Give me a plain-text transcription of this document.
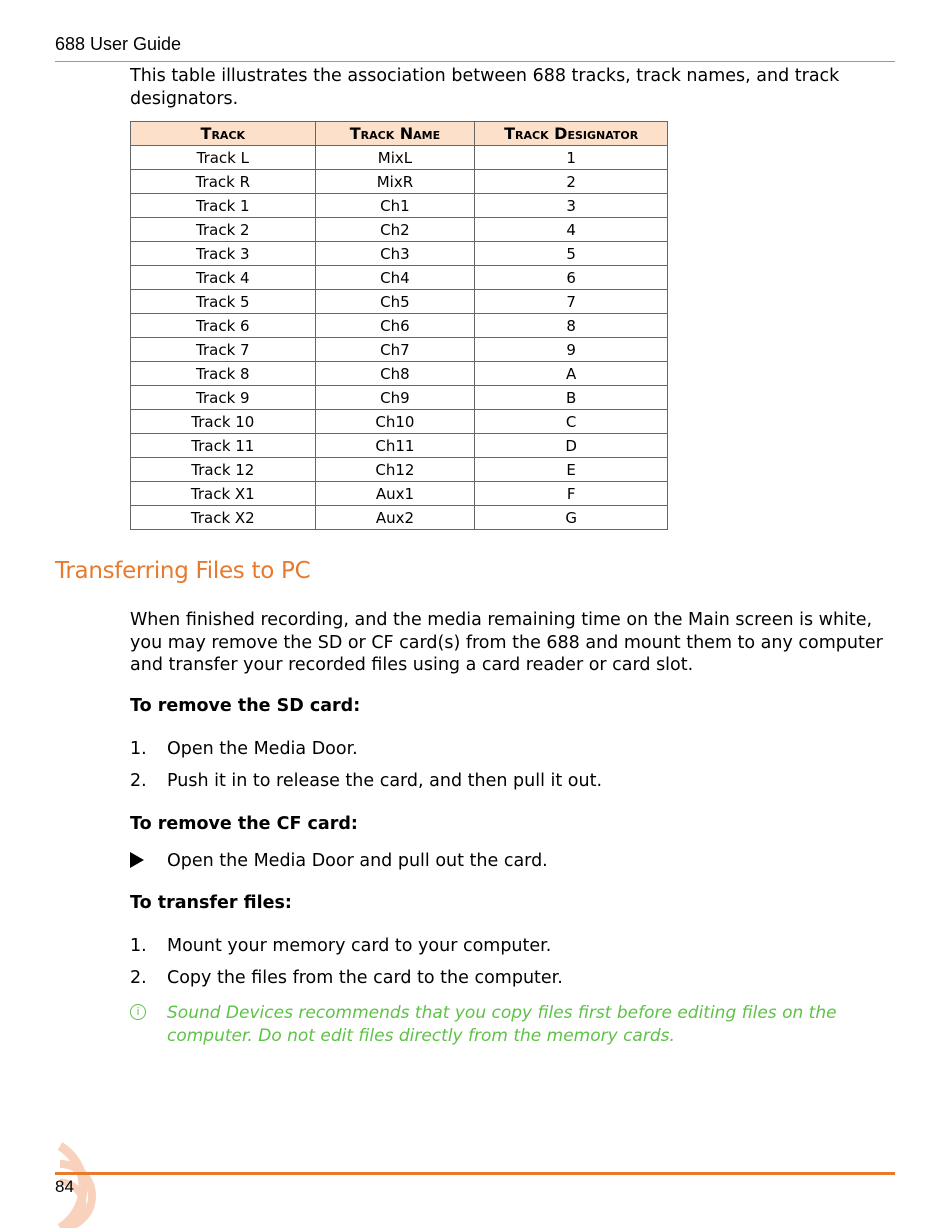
688 User Guide
This table illustrates the association between 688 tracks, track names, and track designators.
Track	Track Name	Track Designator
Track L	MixL	1
Track R	MixR	2
Track 1	Ch1	3
Track 2	Ch2	4
Track 3	Ch3	5
Track 4	Ch4	6
Track 5	Ch5	7
Track 6	Ch6	8
Track 7	Ch7	9
Track 8	Ch8	A
Track 9	Ch9	B
Track 10	Ch10	C
Track 11	Ch11	D
Track 12	Ch12	E
Track X1	Aux1	F
Track X2	Aux2	G
Transferring Files to PC
When finished recording, and the media remaining time on the Main screen is white, you may remove the SD or CF card(s) from the 688 and mount them to any computer and transfer your recorded files using a card reader or card slot.
To remove the SD card:
1. Open the Media Door.
2. Push it in to release the card, and then pull it out.
To remove the CF card:
Open the Media Door and pull out the card.
To transfer files:
1. Mount your memory card to your computer.
2. Copy the files from the card to the computer.
i	Sound Devices recommends that you copy files first before editing files on the computer. Do not edit files directly from the memory cards.
84
